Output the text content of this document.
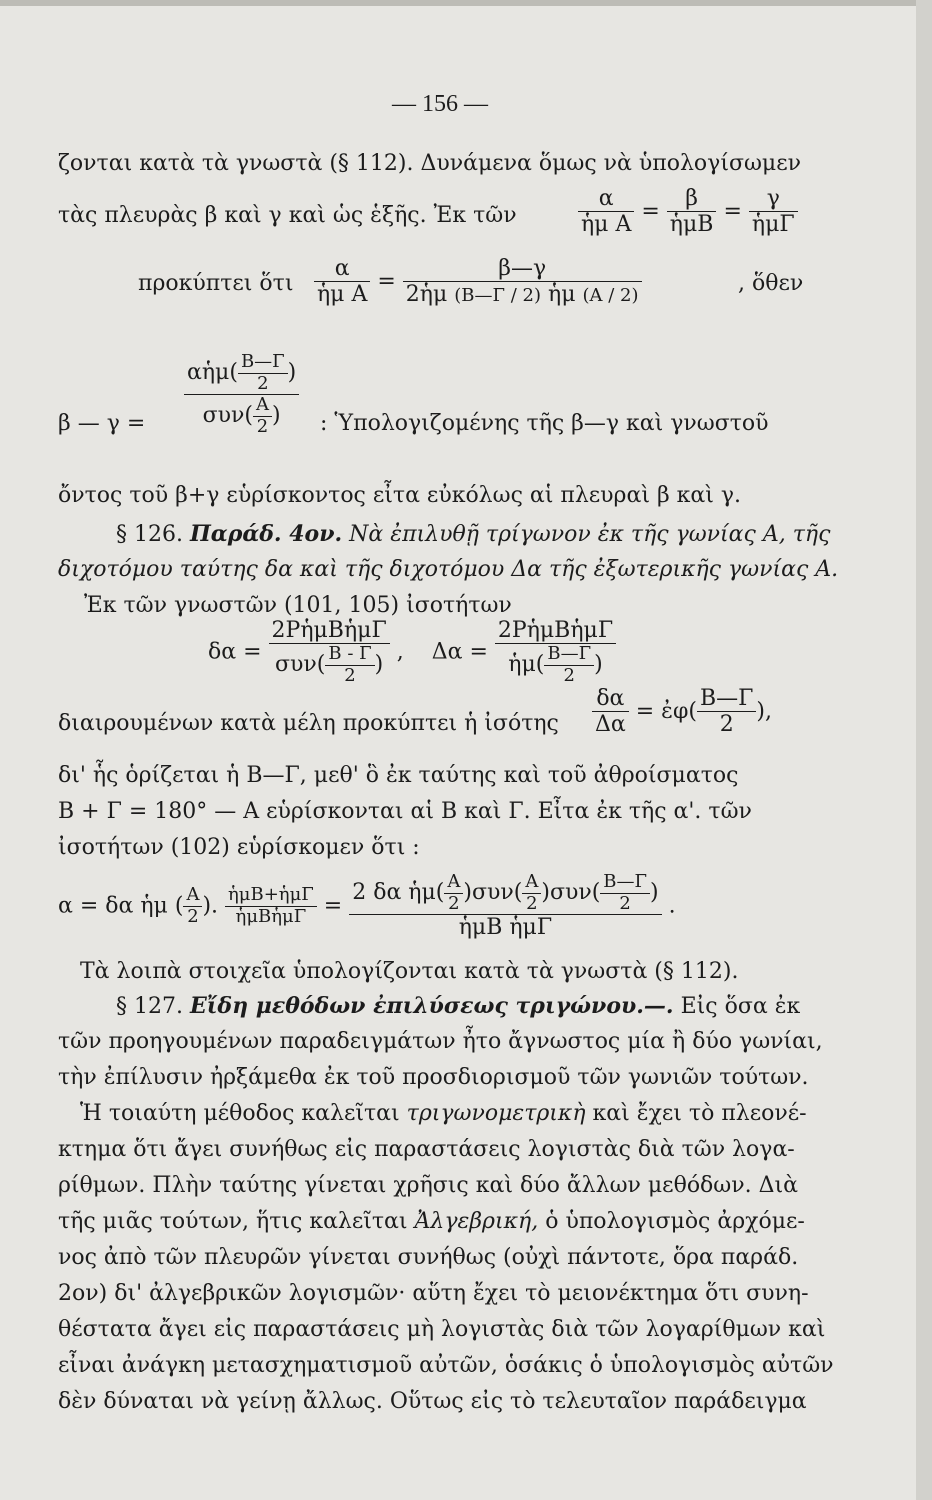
— 156 —
ζονται κατὰ τὰ γνωστὰ (§ 112). Δυνάμενα ὅμως νὰ ὑπολογίσωμεν
τὰς πλευρὰς β καὶ γ καὶ ὡς ἑξῆς. Ἐκ τῶν	$\frac{\alpha}{\text{ἡμ Α}} = \frac{\beta}{\text{ἡμΒ}} = \frac{\gamma}{\text{ἡμΓ}}$
προκύπτει ὅτι $\frac{\alpha}{\text{ἡμ Α}} = \frac{\beta—\gamma}{\text{2ἡμ (Β—Γ / 2) ἡμ (Α / 2)}}$	, ὅθεν
β — $\gamma = \frac{\alpha ἡ\mu( \frac{B—\Gamma}{2} )}{\sigma\upsilon\nu( \frac{A}{2} )}$ : Ὑπολογιζομένης τῆς β—γ καὶ γνωστοῦ
ὄντος τοῦ β+γ εὑρίσκοντος εἶτα εὐκόλως αἱ πλευραὶ β καὶ γ.
§ 126. Παράδ. 4ον. Νὰ ἐπιλυθῇ τρίγωνον ἐκ τῆς γωνίας Α, τῆς
διχοτόμου ταύτης δα καὶ τῆς διχοτόμου Δα τῆς ἐξωτερικῆς γωνίας Α.
Ἐκ τῶν γνωστῶν (101, 105) ἰσοτήτων
$\delta\alpha = \frac{\text{2ΡἡμΒἡμΓ}}{\sigma\upsilon\nu( \frac{B - \Gamma}{2} )}$ , $\Delta\alpha = \frac{\text{2ΡἡμΒἡμΓ}}{ἡ\mu( \frac{B—\Gamma}{2} )}$
διαιρουμένων κατὰ μέλη προκύπτει ἡ ἰσότης $\frac{\delta\alpha}{\Delta\alpha}$ = ἐφ( $\frac{B—\Gamma}{2}$ ),
δι' ἧς ὁρίζεται ἡ Β—Γ, μεθ' ὃ ἐκ ταύτης καὶ τοῦ ἀθροίσματος
Β + Γ = 180° — Α εὑρίσκονται αἱ Β καὶ Γ. Εἶτα ἐκ τῆς α'. τῶν
ἰσοτήτων (102) εὑρίσκομεν ὅτι :
α = δα ἡμ ( $\frac{A}{2}$ ). $\frac{\text{ἡμΒ+ἡμΓ}}{\text{ἡμΒἡμΓ}} = \frac{2 \delta\alpha ἡ\mu( \frac{A}{2} )\sigma\upsilon\nu( \frac{A}{2} )\sigma\upsilon\nu( \frac{B—\Gamma}{2} )}{\text{ἡμΒ ἡμΓ}}$ .
Τὰ λοιπὰ στοιχεῖα ὑπολογίζονται κατὰ τὰ γνωστὰ (§ 112).
§ 127. Εἴδη μεθόδων ἐπιλύσεως τριγώνου.—. Εἰς ὅσα ἐκ
τῶν προηγουμένων παραδειγμάτων ἦτο ἄγνωστος μία ἢ δύο γωνίαι,
τὴν ἐπίλυσιν ἠρξάμεθα ἐκ τοῦ προσδιορισμοῦ τῶν γωνιῶν τούτων.
Ἡ τοιαύτη μέθοδος καλεῖται τριγωνομετρικὴ καὶ ἔχει τὸ πλεονέ-
κτημα ὅτι ἄγει συνήθως εἰς παραστάσεις λογιστὰς διὰ τῶν λογα-
ρίθμων. Πλὴν ταύτης γίνεται χρῆσις καὶ δύο ἄλλων μεθόδων. Διὰ
τῆς μιᾶς τούτων, ἥτις καλεῖται Ἀλγεβρική, ὁ ὑπολογισμὸς ἀρχόμε-
νος ἀπὸ τῶν πλευρῶν γίνεται συνήθως (οὐχὶ πάντοτε, ὅρα παράδ.
2ον) δι' ἀλγεβρικῶν λογισμῶν· αὕτη ἔχει τὸ μειονέκτημα ὅτι συνη-
θέστατα ἄγει εἰς παραστάσεις μὴ λογιστὰς διὰ τῶν λογαρίθμων καὶ
εἶναι ἀνάγκη μετασχηματισμοῦ αὐτῶν, ὁσάκις ὁ ὑπολογισμὸς αὐτῶν
δὲν δύναται νὰ γείνῃ ἄλλως. Οὕτως εἰς τὸ τελευταῖον παράδειγμα
